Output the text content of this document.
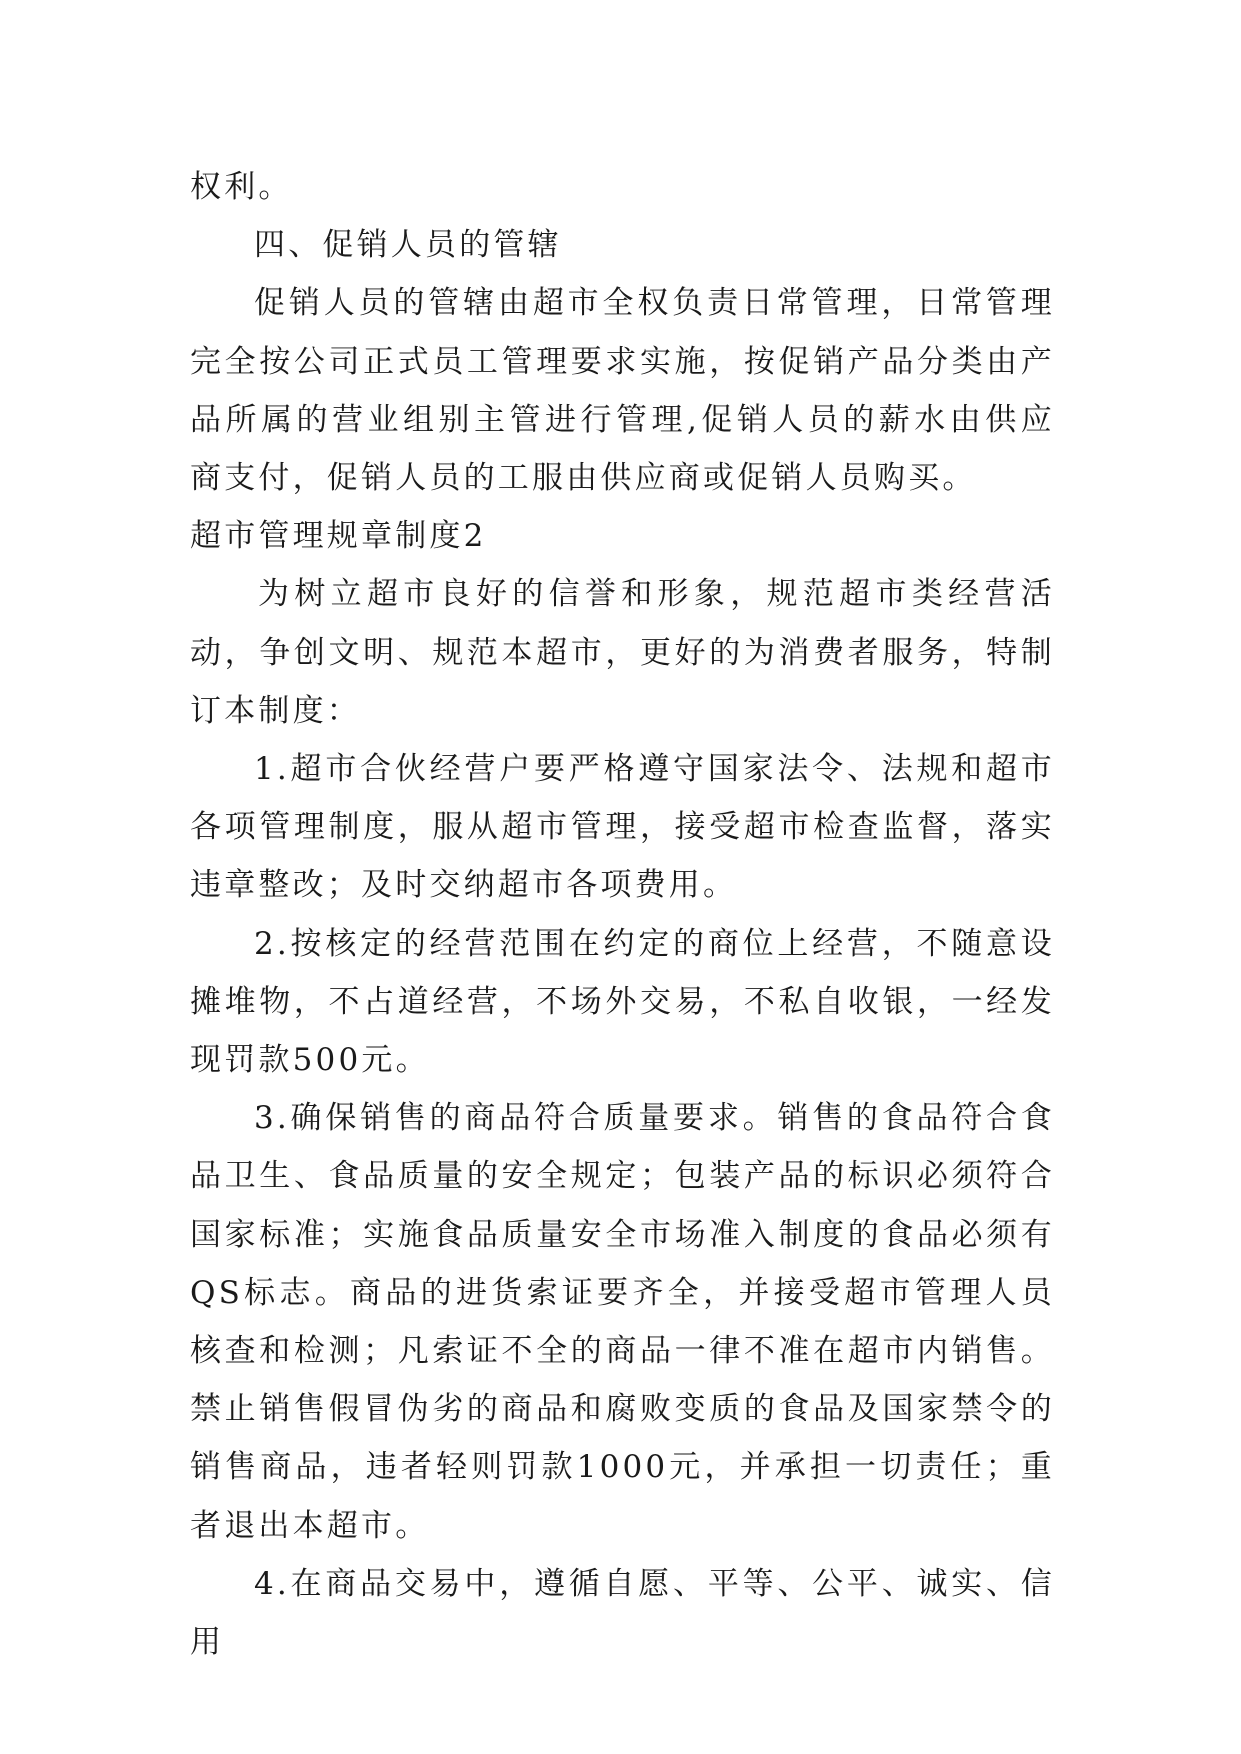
权利。

四、促销人员的管辖

促销人员的管辖由超市全权负责日常管理，日常管理完全按公司正式员工管理要求实施，按促销产品分类由产品所属的营业组别主管进行管理,促销人员的薪水由供应商支付，促销人员的工服由供应商或促销人员购买。

超市管理规章制度2

为树立超市良好的信誉和形象，规范超市类经营活动，争创文明、规范本超市，更好的为消费者服务，特制订本制度：

1.超市合伙经营户要严格遵守国家法令、法规和超市各项管理制度，服从超市管理，接受超市检查监督，落实违章整改；及时交纳超市各项费用。

2.按核定的经营范围在约定的商位上经营，不随意设摊堆物，不占道经营，不场外交易，不私自收银，一经发现罚款500元。

3.确保销售的商品符合质量要求。销售的食品符合食品卫生、食品质量的安全规定；包装产品的标识必须符合国家标准；实施食品质量安全市场准入制度的食品必须有QS标志。商品的进货索证要齐全，并接受超市管理人员核查和检测；凡索证不全的商品一律不准在超市内销售。禁止销售假冒伪劣的商品和腐败变质的食品及国家禁令的销售商品，违者轻则罚款1000元，并承担一切责任；重者退出本超市。

4.在商品交易中，遵循自愿、平等、公平、诚实、信用
